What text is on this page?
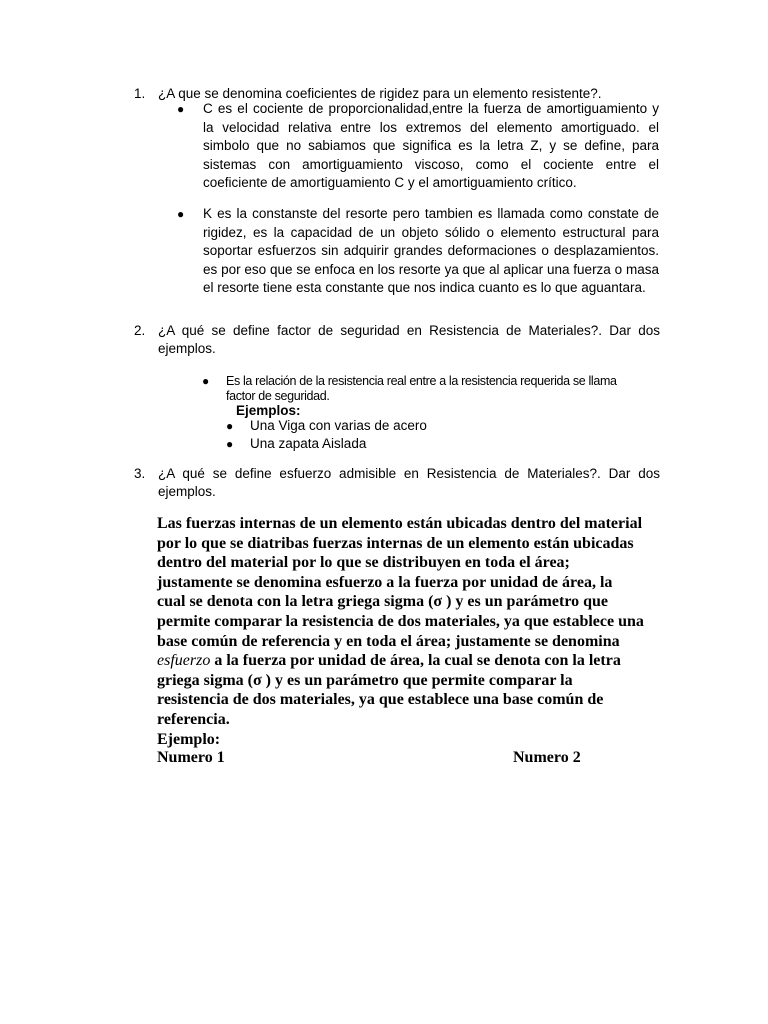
1. ¿A que se denomina coeficientes de rigidez para un elemento resistente?.
● C es el cociente de proporcionalidad,entre la fuerza de amortiguamiento y la velocidad relativa entre los extremos del elemento amortiguado. el simbolo que no sabiamos que significa es la letra Z, y se define, para sistemas con amortiguamiento viscoso, como el cociente entre el coeficiente de amortiguamiento C y el amortiguamiento crítico.
● K es la constanste del resorte pero tambien es llamada como constate de rigidez, es la capacidad de un objeto sólido o elemento estructural para soportar esfuerzos sin adquirir grandes deformaciones o desplazamientos. es por eso que se enfoca en los resorte ya que al aplicar una fuerza o masa el resorte tiene esta constante que nos indica cuanto es lo que aguantara.
2. ¿A qué se define factor de seguridad en Resistencia de Materiales?. Dar dos ejemplos.
● Es la relación de la resistencia real entre a la resistencia requerida se llama factor de seguridad.
Ejemplos:
● Una Viga con varias de acero
● Una zapata Aislada
3. ¿A qué se define esfuerzo admisible en Resistencia de Materiales?. Dar dos ejemplos.
Las fuerzas internas de un elemento están ubicadas dentro del material por lo que se diatribas fuerzas internas de un elemento están ubicadas dentro del material por lo que se distribuyen en toda el área; justamente se denomina esfuerzo a la fuerza por unidad de área, la cual se denota con la letra griega sigma (σ ) y es un parámetro que permite comparar la resistencia de dos materiales, ya que establece una base común de referencia y en toda el área; justamente se denomina esfuerzo a la fuerza por unidad de área, la cual se denota con la letra griega sigma (σ ) y es un parámetro que permite comparar la resistencia de dos materiales, ya que establece una base común de referencia.
Ejemplo:
Numero 1	Numero 2
